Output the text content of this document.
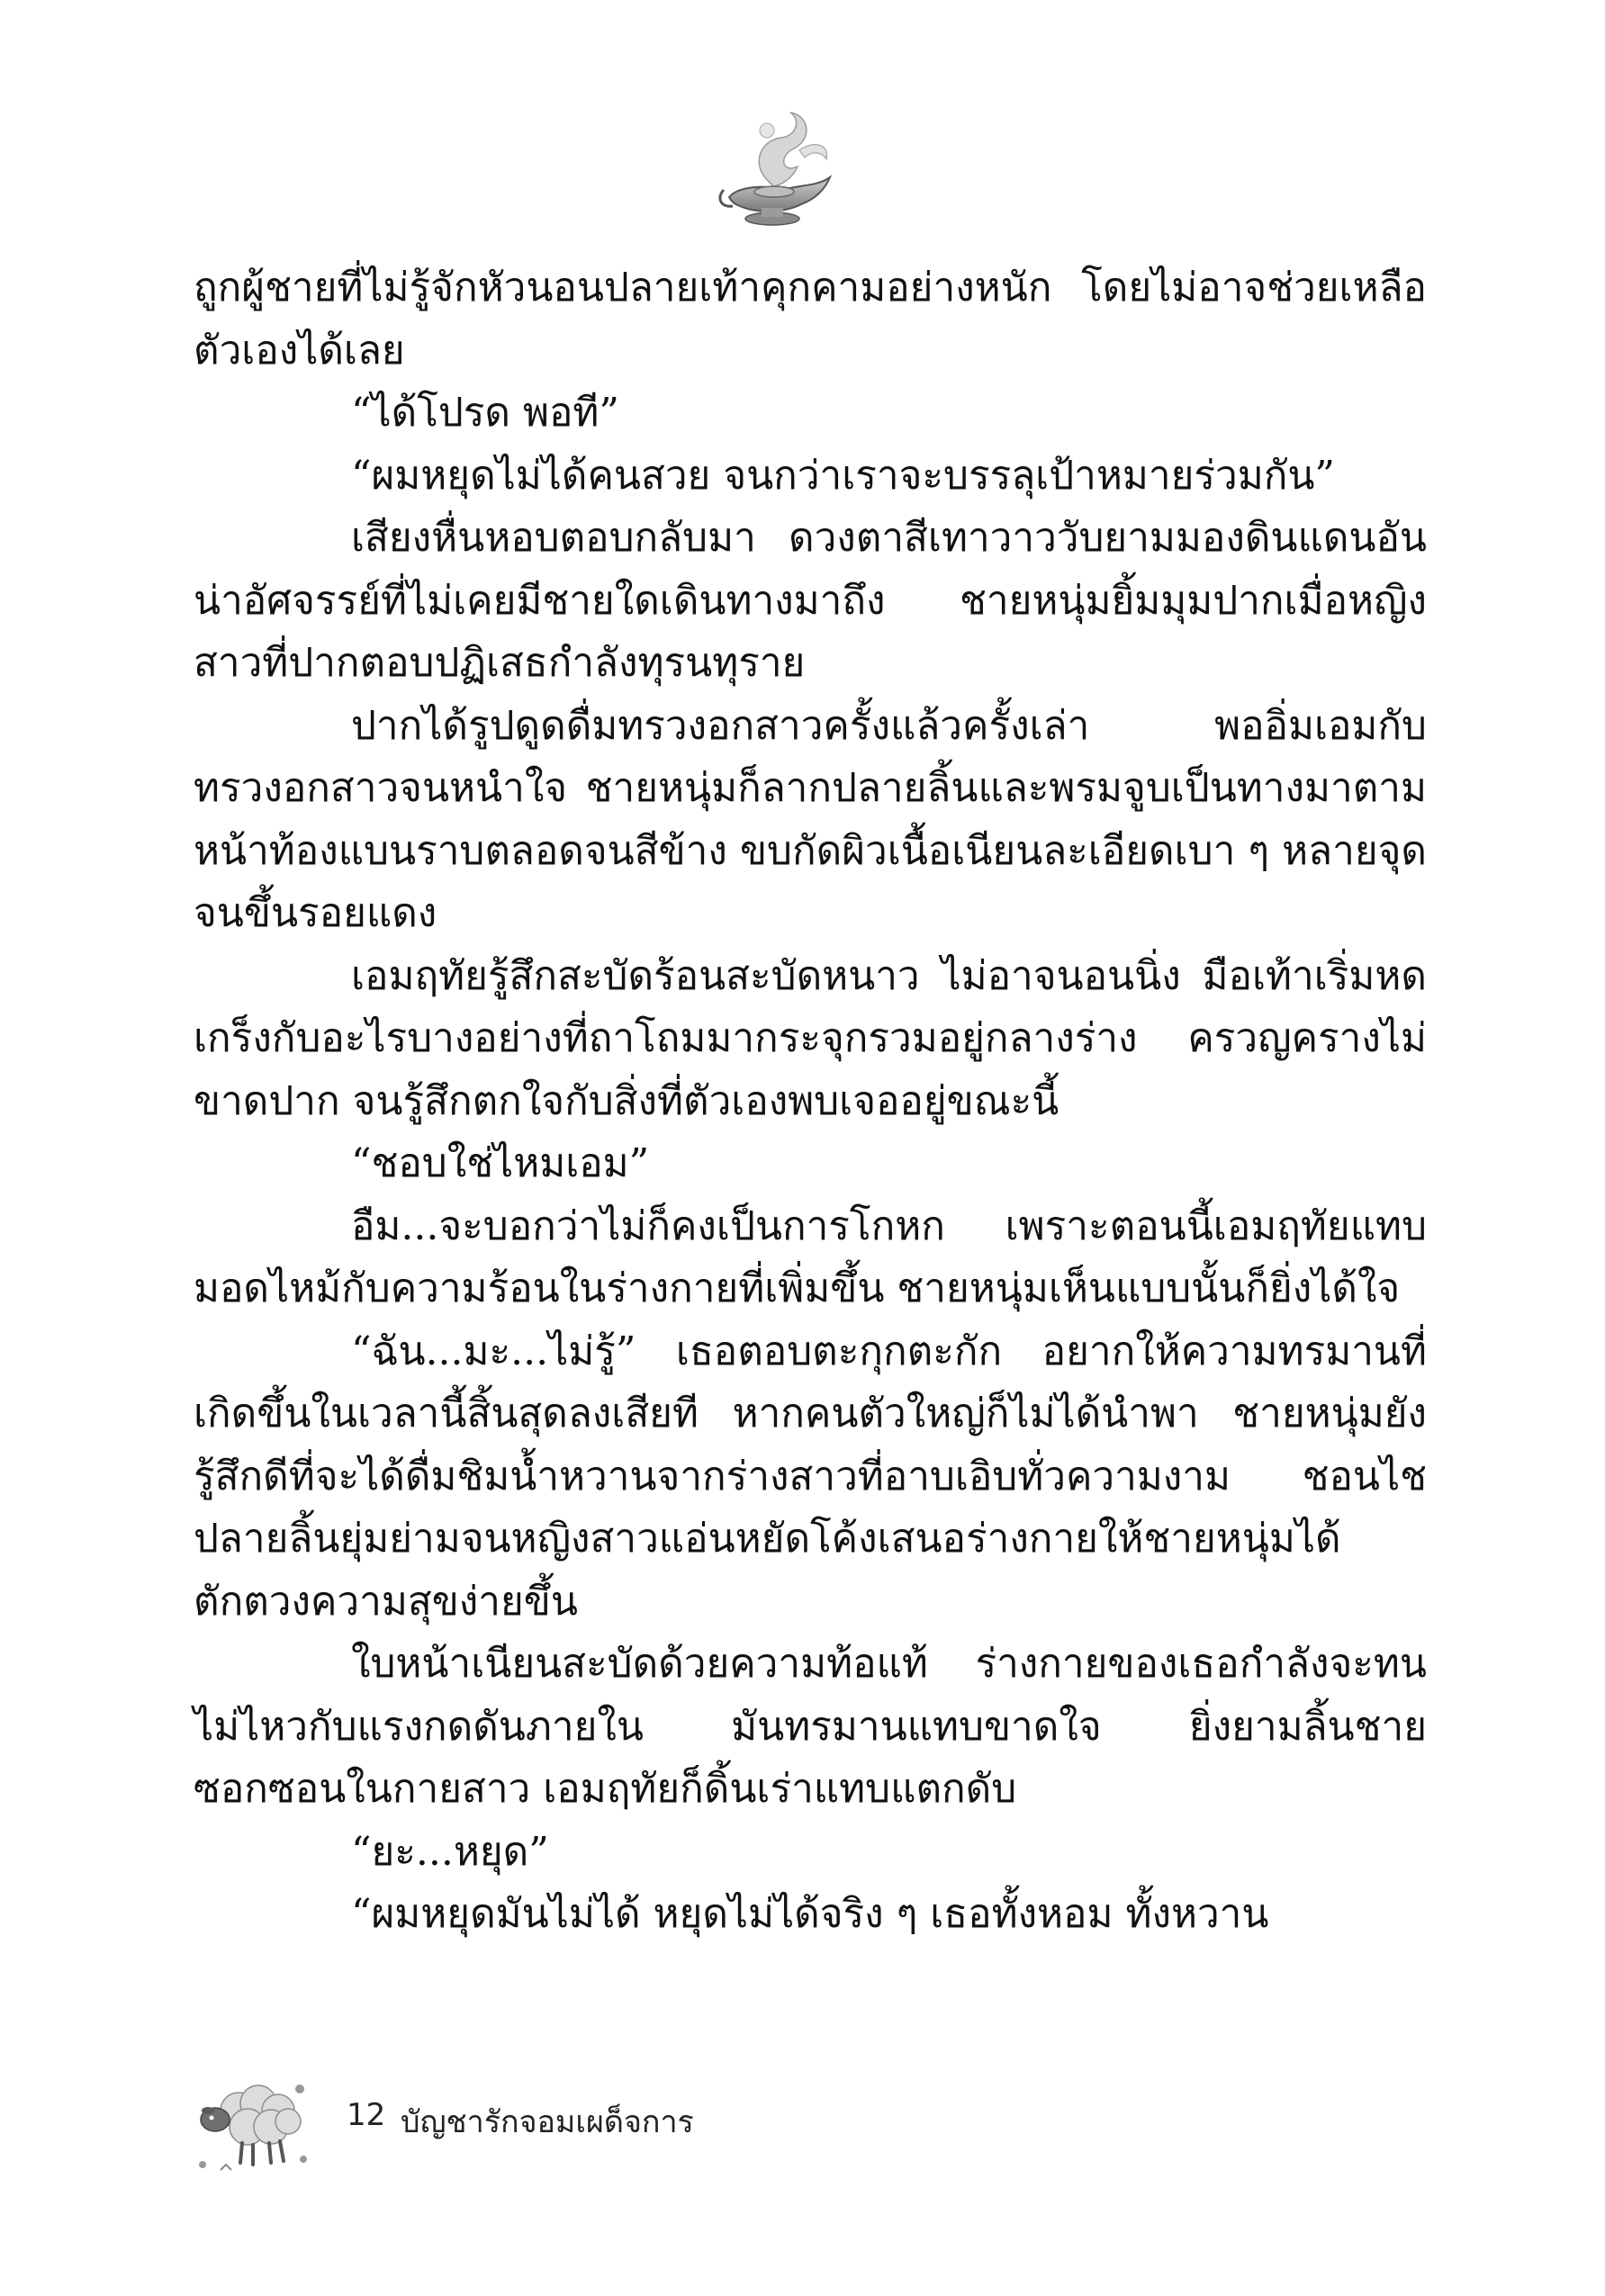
ถูกผู้ชายที่ไม่รู้จักหัวนอนปลายเท้าคุกคามอย่างหนัก โดยไม่อาจช่วยเหลือตัวเองได้เลย

“ได้โปรด พอที”

“ผมหยุดไม่ได้คนสวย จนกว่าเราจะบรรลุเป้าหมายร่วมกัน”

เสียงหื่นหอบตอบกลับมา ดวงตาสีเทาวาววับยามมองดินแดนอันน่าอัศจรรย์ที่ไม่เคยมีชายใดเดินทางมาถึง ชายหนุ่มยิ้มมุมปากเมื่อหญิงสาวที่ปากตอบปฏิเสธกำลังทุรนทุราย

ปากได้รูปดูดดื่มทรวงอกสาวครั้งแล้วครั้งเล่า พออิ่มเอมกับทรวงอกสาวจนหนำใจ ชายหนุ่มก็ลากปลายลิ้นและพรมจูบเป็นทางมาตามหน้าท้องแบนราบตลอดจนสีข้าง ขบกัดผิวเนื้อเนียนละเอียดเบา ๆ หลายจุดจนขึ้นรอยแดง

เอมฤทัยรู้สึกสะบัดร้อนสะบัดหนาว ไม่อาจนอนนิ่ง มือเท้าเริ่มหดเกร็งกับอะไรบางอย่างที่ถาโถมมากระจุกรวมอยู่กลางร่าง ครวญครางไม่ขาดปาก จนรู้สึกตกใจกับสิ่งที่ตัวเองพบเจออยู่ขณะนี้

“ชอบใช่ไหมเอม”

อืม...จะบอกว่าไม่ก็คงเป็นการโกหก เพราะตอนนี้เอมฤทัยแทบมอดไหม้กับความร้อนในร่างกายที่เพิ่มขึ้น ชายหนุ่มเห็นแบบนั้นก็ยิ่งได้ใจ

“ฉัน...มะ...ไม่รู้” เธอตอบตะกุกตะกัก อยากให้ความทรมานที่เกิดขึ้นในเวลานี้สิ้นสุดลงเสียที หากคนตัวใหญ่ก็ไม่ได้นำพา ชายหนุ่มยังรู้สึกดีที่จะได้ดื่มชิมน้ำหวานจากร่างสาวที่อาบเอิบทั่วความงาม ชอนไชปลายลิ้นยุ่มย่ามจนหญิงสาวแอ่นหยัดโค้งเสนอร่างกายให้ชายหนุ่มได้ตักตวงความสุขง่ายขึ้น

ใบหน้าเนียนสะบัดด้วยความท้อแท้ ร่างกายของเธอกำลังจะทนไม่ไหวกับแรงกดดันภายใน มันทรมานแทบขาดใจ ยิ่งยามลิ้นชายซอกซอนในกายสาว เอมฤทัยก็ดิ้นเร่าแทบแตกดับ

“ยะ...หยุด”

“ผมหยุดมันไม่ได้ หยุดไม่ได้จริง ๆ เธอทั้งหอม ทั้งหวาน

12 บัญชารักจอมเผด็จการ
